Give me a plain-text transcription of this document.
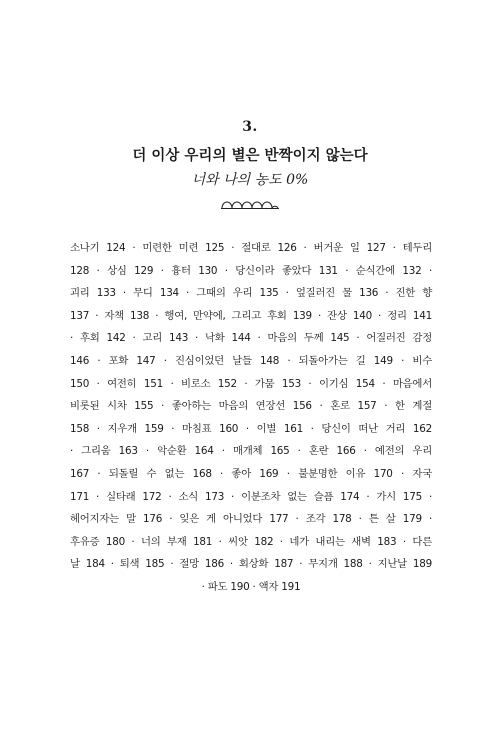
3.
더 이상 우리의 별은 반짝이지 않는다
너와 나의 농도 0%
소나기 124 · 미련한 미련 125 · 절대로 126 · 버거운 일 127 · 테두리
128 · 상심 129 · 흉터 130 · 당신이라 좋았다 131 · 순식간에 132 ·
괴리 133 · 무디 134 · 그때의 우리 135 · 엎질러진 물 136 · 진한 향
137 · 자책 138 · 행여, 만약에, 그리고 후회 139 · 잔상 140 · 정리 141
· 후회 142 · 고리 143 · 낙화 144 · 마음의 두께 145 · 어질러진 감정
146 · 포화 147 · 진심이었던 날들 148 · 되돌아가는 길 149 · 비수
150 · 여전히 151 · 비로소 152 · 가뭄 153 · 이기심 154 · 마음에서
비롯된 시차 155 · 좋아하는 마음의 연장선 156 · 혼로 157 · 한 계절
158 · 지우개 159 · 마침표 160 · 이별 161 · 당신이 떠난 거리 162
· 그리움 163 · 악순환 164 · 매개체 165 · 혼란 166 · 예전의 우리
167 · 되돌릴 수 없는 168 · 좋아 169 · 불분명한 이유 170 · 자국
171 · 실타래 172 · 소식 173 · 이분조차 없는 슬픔 174 · 가시 175 ·
헤어지자는 말 176 · 잊은 게 아니었다 177 · 조각 178 · 튼 살 179 ·
후유증 180 · 너의 부재 181 · 씨앗 182 · 네가 내리는 새벽 183 · 다른
날 184 · 퇴색 185 · 절망 186 · 회상화 187 · 무지개 188 · 지난날 189
· 파도 190 · 액자 191
